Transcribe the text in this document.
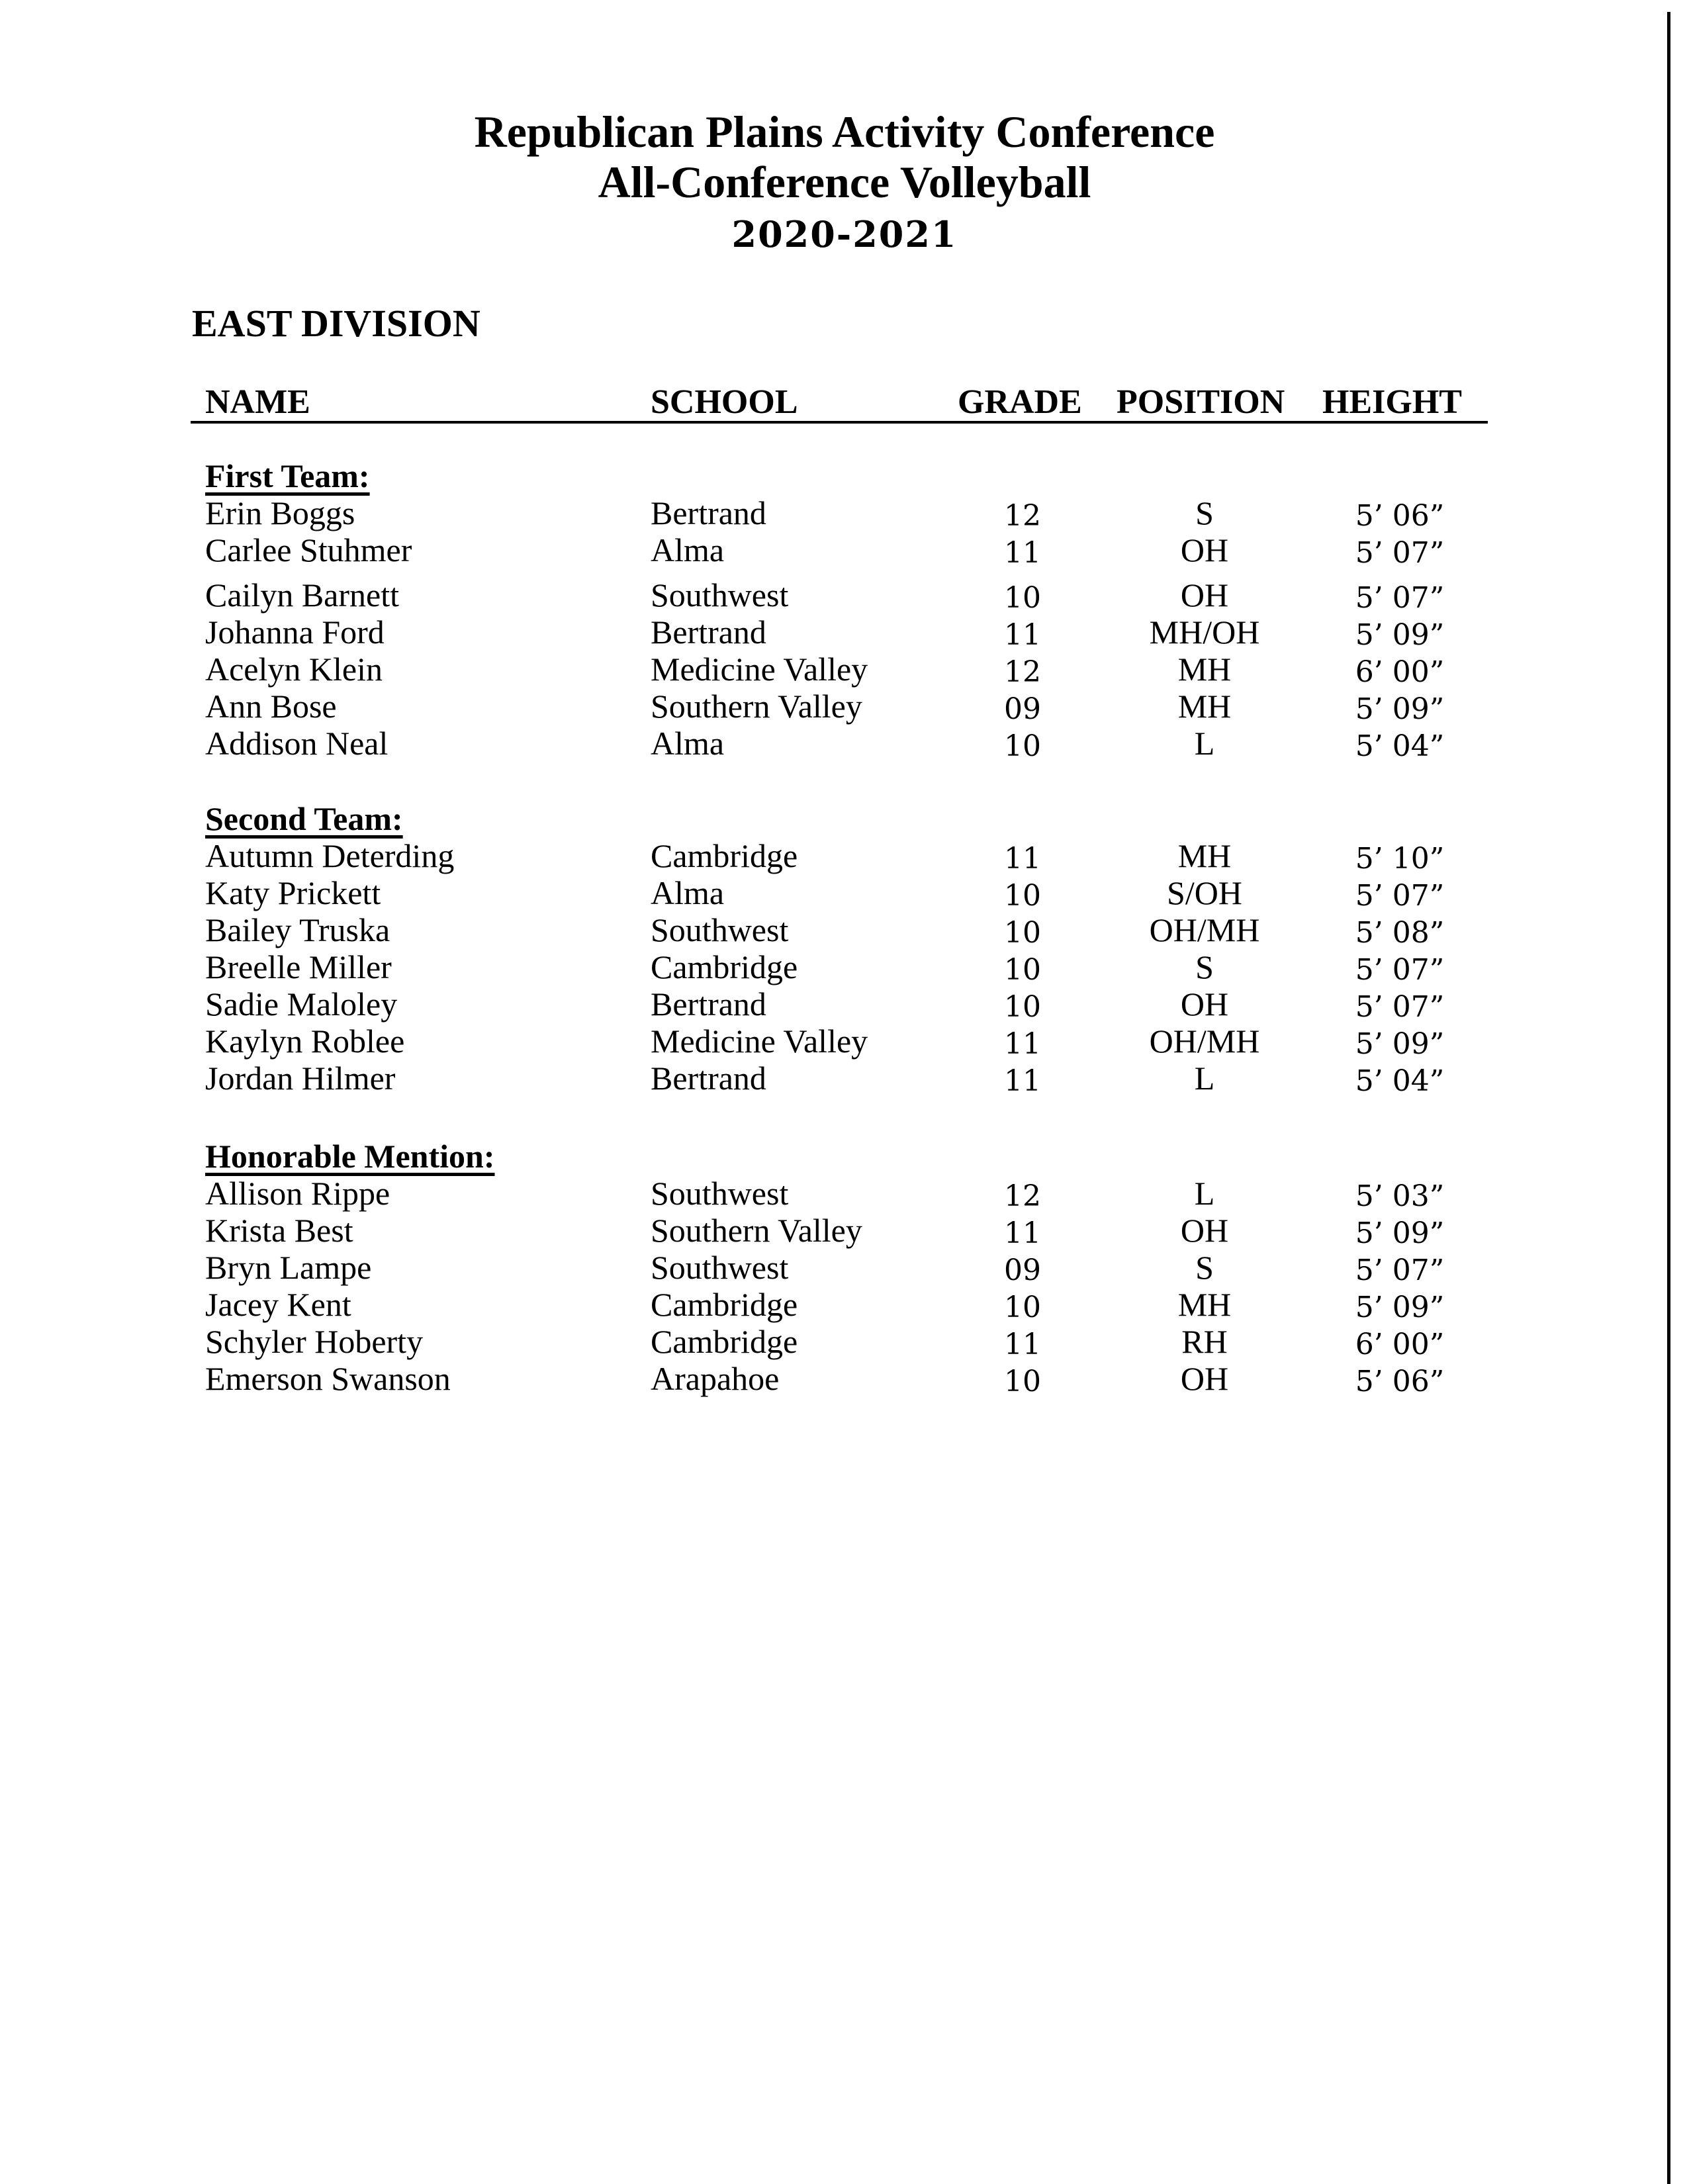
Republican Plains Activity Conference
All-Conference Volleyball
2020-2021
EAST DIVISION
NAME	SCHOOL	GRADE POSITION HEIGHT
First Team:
Erin Boggs	Bertrand	12	S	5’ 06”
Carlee Stuhmer	Alma	11	OH	5’ 07”
Cailyn Barnett	Southwest	10	OH	5’ 07”
Johanna Ford	Bertrand	11	MH/OH	5’ 09”
Acelyn Klein	Medicine Valley	12	MH	6’ 00”
Ann Bose	Southern Valley	09	MH	5’ 09”
Addison Neal	Alma	10	L	5’ 04”
Second Team:
Autumn Deterding	Cambridge	11	MH	5’ 10”
Katy Prickett	Alma	10	S/OH	5’ 07”
Bailey Truska	Southwest	10	OH/MH	5’ 08”
Breelle Miller	Cambridge	10	S	5’ 07”
Sadie Maloley	Bertrand	10	OH	5’ 07”
Kaylyn Roblee	Medicine Valley	11	OH/MH	5’ 09”
Jordan Hilmer	Bertrand	11	L	5’ 04”
Honorable Mention:
Allison Rippe	Southwest	12	L	5’ 03”
Krista Best	Southern Valley	11	OH	5’ 09”
Bryn Lampe	Southwest	09	S	5’ 07”
Jacey Kent	Cambridge	10	MH	5’ 09”
Schyler Hoberty	Cambridge	11	RH	6’ 00”
Emerson Swanson	Arapahoe	10	OH	5’ 06”
